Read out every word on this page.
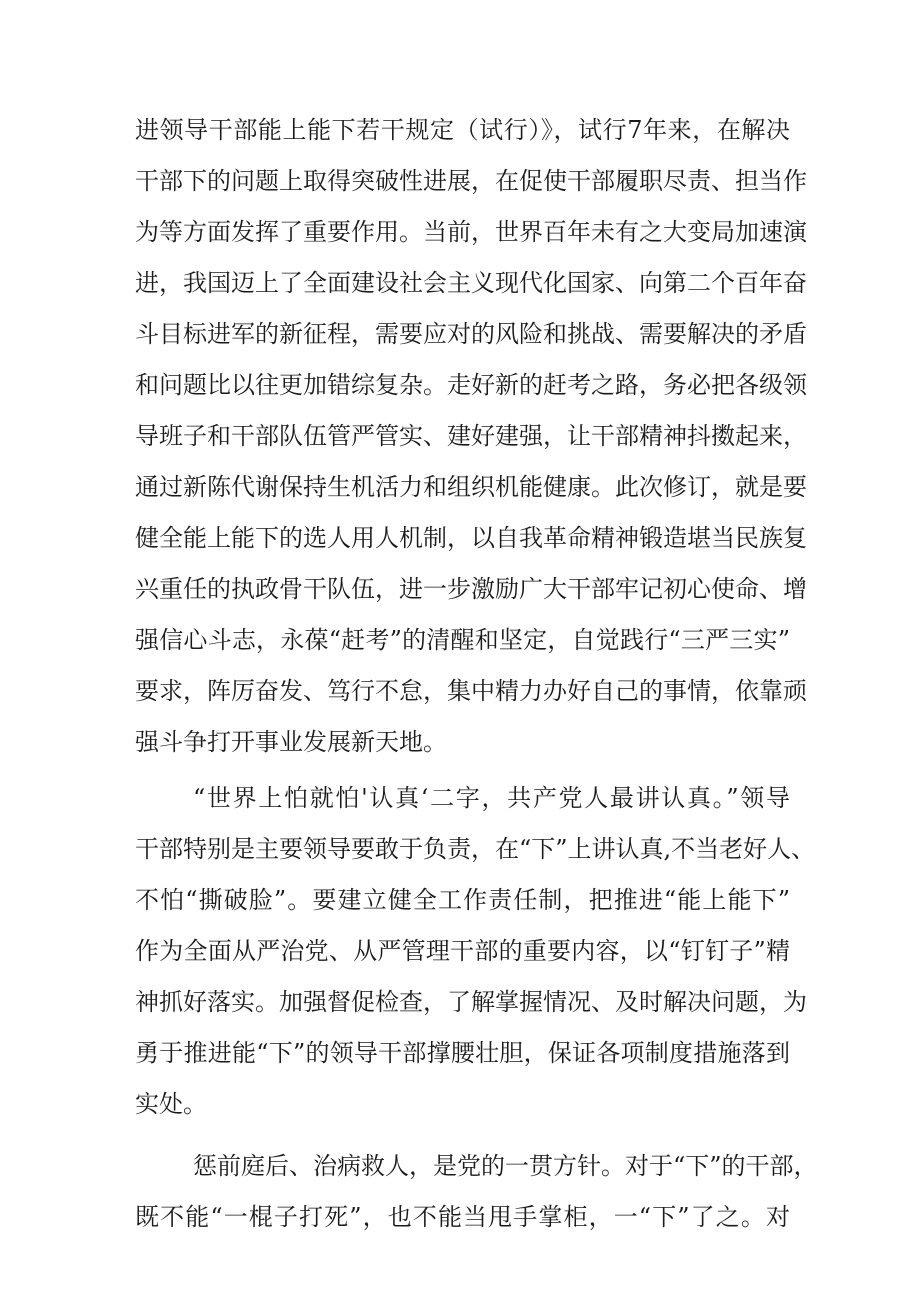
进领导干部能上能下若干规定（试行）》，试行7年来，在解决
干部下的问题上取得突破性进展，在促使干部履职尽责、担当作
为等方面发挥了重要作用。当前，世界百年未有之大变局加速演
进，我国迈上了全面建设社会主义现代化国家、向第二个百年奋
斗目标进军的新征程，需要应对的风险和挑战、需要解决的矛盾
和问题比以往更加错综复杂。走好新的赶考之路，务必把各级领
导班子和干部队伍管严管实、建好建强，让干部精神抖擞起来，
通过新陈代谢保持生机活力和组织机能健康。此次修订，就是要
健全能上能下的选人用人机制，以自我革命精神锻造堪当民族复
兴重任的执政骨干队伍，进一步激励广大干部牢记初心使命、增
强信心斗志，永葆“赶考”的清醒和坚定，自觉践行“三严三实”
要求，阵厉奋发、笃行不怠，集中精力办好自己的事情，依靠顽
强斗争打开事业发展新天地。
“世界上怕就怕'认真‘二字，共产党人最讲认真。”领导
干部特别是主要领导要敢于负责，在“下”上讲认真,不当老好人、
不怕“撕破脸”。要建立健全工作责任制，把推进“能上能下”
作为全面从严治党、从严管理干部的重要内容，以“钉钉子”精
神抓好落实。加强督促检查，了解掌握情况、及时解决问题，为
勇于推进能“下”的领导干部撑腰壮胆，保证各项制度措施落到
实处。
惩前庭后、治病救人，是党的一贯方针。对于“下”的干部，
既不能“一棍子打死”，也不能当甩手掌柜，一“下”了之。对
